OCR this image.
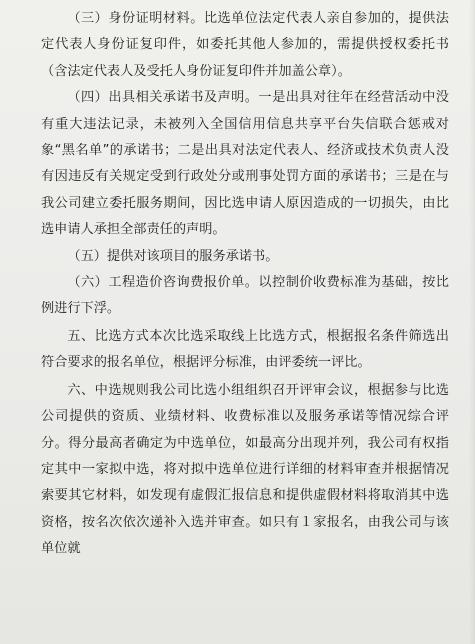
（三）身份证明材料。比选单位法定代表人亲自参加的，提供法定代表人身份证复印件，如委托其他人参加的，需提供授权委托书（含法定代表人及受托人身份证复印件并加盖公章）。

（四）出具相关承诺书及声明。一是出具对往年在经营活动中没有重大违法记录，未被列入全国信用信息共享平台失信联合惩戒对象“黑名单”的承诺书；二是出具对法定代表人、经济或技术负责人没有因违反有关规定受到行政处分或刑事处罚方面的承诺书；三是在与我公司建立委托服务期间，因比选申请人原因造成的一切损失，由比选申请人承担全部责任的声明。

（五）提供对该项目的服务承诺书。

（六）工程造价咨询费报价单。以控制价收费标准为基础，按比例进行下浮。

五、比选方式本次比选采取线上比选方式，根据报名条件筛选出符合要求的报名单位，根据评分标准，由评委统一评比。

六、中选规则我公司比选小组组织召开评审会议，根据参与比选公司提供的资质、业绩材料、收费标准以及服务承诺等情况综合评分。得分最高者确定为中选单位，如最高分出现并列，我公司有权指定其中一家拟中选，将对拟中选单位进行详细的材料审查并根据情况索要其它材料，如发现有虚假汇报信息和提供虚假材料将取消其中选资格，按名次依次递补入选并审查。如只有１家报名，由我公司与该单位就
